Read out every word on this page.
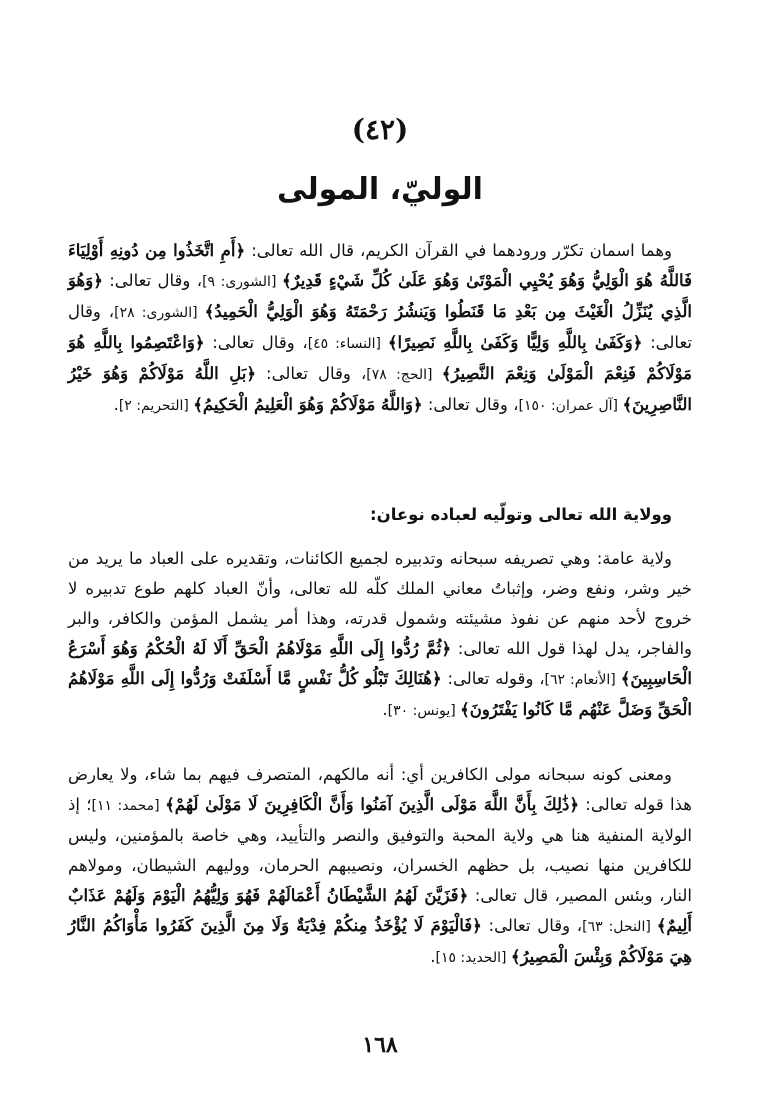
(٤٢)
الوليّ، المولى
وهما اسمان تكرّر ورودهما في القرآن الكريم، قال الله تعالى: ﴿أَمِ اتَّخَذُوا مِن دُونِهِ أَوْلِيَاءَ فَاللَّهُ هُوَ الْوَلِيُّ وَهُوَ يُحْيِي الْمَوْتَىٰ وَهُوَ عَلَىٰ كُلِّ شَيْءٍ قَدِيرٌ﴾ [الشورى: ٩]، وقال تعالى: ﴿وَهُوَ الَّذِي يُنَزِّلُ الْغَيْثَ مِن بَعْدِ مَا قَنَطُوا وَيَنشُرُ رَحْمَتَهُ وَهُوَ الْوَلِيُّ الْحَمِيدُ﴾ [الشورى: ٢٨]، وقال تعالى: ﴿وَكَفَىٰ بِاللَّهِ وَلِيًّا وَكَفَىٰ بِاللَّهِ نَصِيرًا﴾ [النساء: ٤٥]، وقال تعالى: ﴿وَاعْتَصِمُوا بِاللَّهِ هُوَ مَوْلَاكُمْ فَنِعْمَ الْمَوْلَىٰ وَنِعْمَ النَّصِيرُ﴾ [الحج: ٧٨]، وقال تعالى: ﴿بَلِ اللَّهُ مَوْلَاكُمْ وَهُوَ خَيْرُ النَّاصِرِينَ﴾ [آل عمران: ١٥٠]، وقال تعالى: ﴿وَاللَّهُ مَوْلَاكُمْ وَهُوَ الْعَلِيمُ الْحَكِيمُ﴾ [التحريم: ٢].
وولاية الله تعالى وتولّيه لعباده نوعان:
ولاية عامة: وهي تصريفه سبحانه وتدبيره لجميع الكائنات، وتقديره على العباد ما يريد من خير وشر، ونفع وضر، وإثباتُ معاني الملك كلّه لله تعالى، وأنّ العباد كلهم طوع تدبيره لا خروج لأحد منهم عن نفوذ مشيئته وشمول قدرته، وهذا أمر يشمل المؤمن والكافر، والبر والفاجر، يدل لهذا قول الله تعالى: ﴿ثُمَّ رُدُّوا إِلَى اللَّهِ مَوْلَاهُمُ الْحَقِّ أَلَا لَهُ الْحُكْمُ وَهُوَ أَسْرَعُ الْحَاسِبِينَ﴾ [الأنعام: ٦٢]، وقوله تعالى: ﴿هُنَالِكَ تَبْلُو كُلُّ نَفْسٍ مَّا أَسْلَفَتْ وَرُدُّوا إِلَى اللَّهِ مَوْلَاهُمُ الْحَقِّ وَضَلَّ عَنْهُم مَّا كَانُوا يَفْتَرُونَ﴾ [يونس: ٣٠].
ومعنى كونه سبحانه مولى الكافرين أي: أنه مالكهم، المتصرف فيهم بما شاء، ولا يعارض هذا قوله تعالى: ﴿ذَٰلِكَ بِأَنَّ اللَّهَ مَوْلَى الَّذِينَ آمَنُوا وَأَنَّ الْكَافِرِينَ لَا مَوْلَىٰ لَهُمْ﴾ [محمد: ١١]؛ إذ الولاية المنفية هنا هي ولاية المحبة والتوفيق والنصر والتأييد، وهي خاصة بالمؤمنين، وليس للكافرين منها نصيب، بل حظهم الخسران، ونصيبهم الحرمان، ووليهم الشيطان، ومولاهم النار، وبئس المصير، قال تعالى: ﴿فَزَيَّنَ لَهُمُ الشَّيْطَانُ أَعْمَالَهُمْ فَهُوَ وَلِيُّهُمُ الْيَوْمَ وَلَهُمْ عَذَابٌ أَلِيمٌ﴾ [النحل: ٦٣]، وقال تعالى: ﴿فَالْيَوْمَ لَا يُؤْخَذُ مِنكُمْ فِدْيَةٌ وَلَا مِنَ الَّذِينَ كَفَرُوا مَأْوَاكُمُ النَّارُ هِيَ مَوْلَاكُمْ وَبِئْسَ الْمَصِيرُ﴾ [الحديد: ١٥].
١٦٨
